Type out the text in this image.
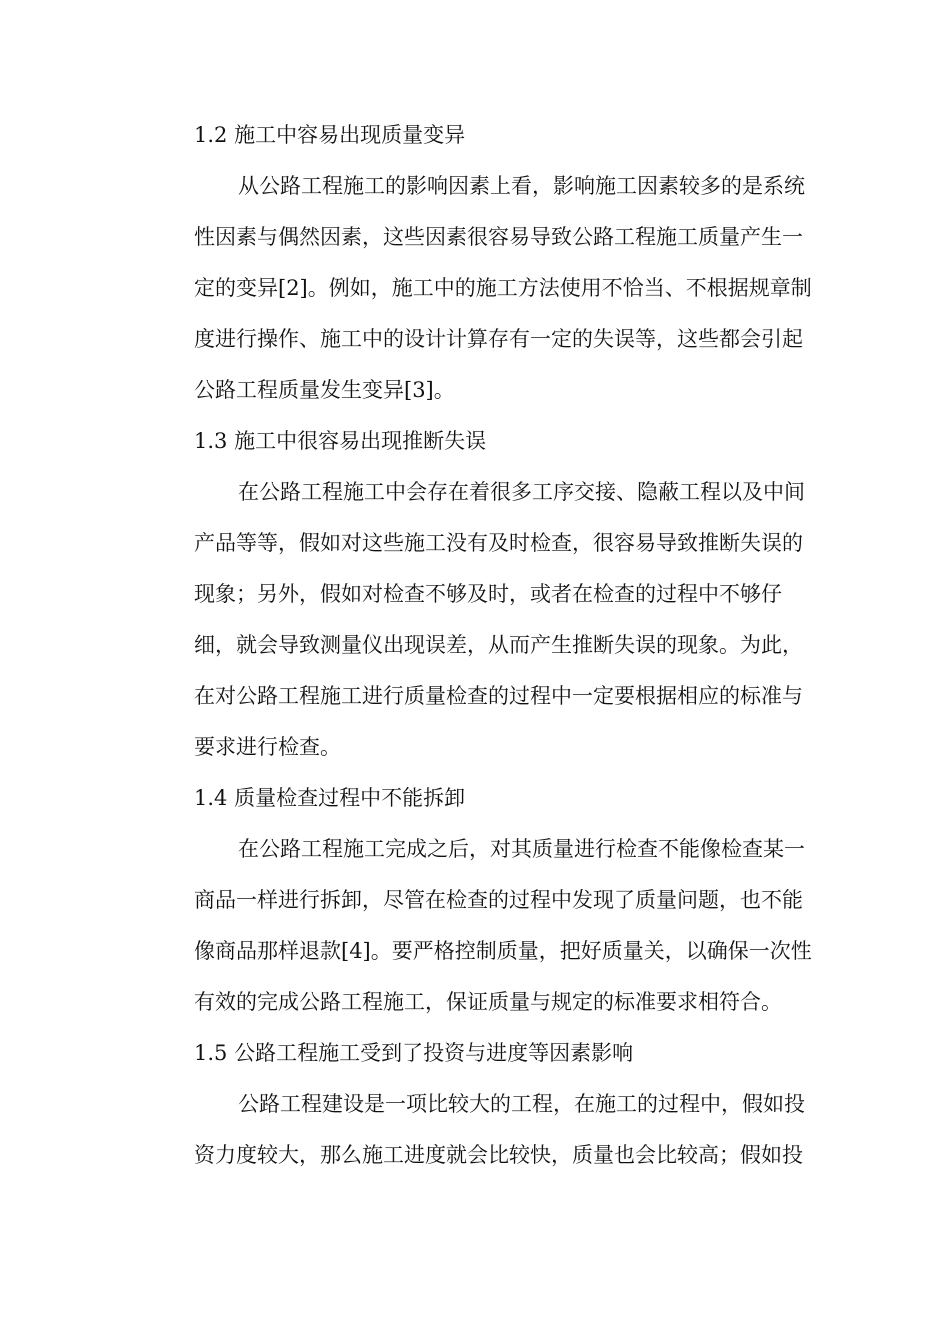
1.2 施工中容易出现质量变异
从公路工程施工的影响因素上看，影响施工因素较多的是系统
性因素与偶然因素，这些因素很容易导致公路工程施工质量产生一
定的变异[2]。例如，施工中的施工方法使用不恰当、不根据规章制
度进行操作、施工中的设计计算存有一定的失误等，这些都会引起
公路工程质量发生变异[3]。
1.3 施工中很容易出现推断失误
在公路工程施工中会存在着很多工序交接、隐蔽工程以及中间
产品等等，假如对这些施工没有及时检查，很容易导致推断失误的
现象；另外，假如对检查不够及时，或者在检查的过程中不够仔
细，就会导致测量仪出现误差，从而产生推断失误的现象。为此，
在对公路工程施工进行质量检查的过程中一定要根据相应的标准与
要求进行检查。
1.4 质量检查过程中不能拆卸
在公路工程施工完成之后，对其质量进行检查不能像检查某一
商品一样进行拆卸，尽管在检查的过程中发现了质量问题，也不能
像商品那样退款[4]。要严格控制质量，把好质量关，以确保一次性
有效的完成公路工程施工，保证质量与规定的标准要求相符合。
1.5 公路工程施工受到了投资与进度等因素影响
公路工程建设是一项比较大的工程，在施工的过程中，假如投
资力度较大，那么施工进度就会比较快，质量也会比较高；假如投
